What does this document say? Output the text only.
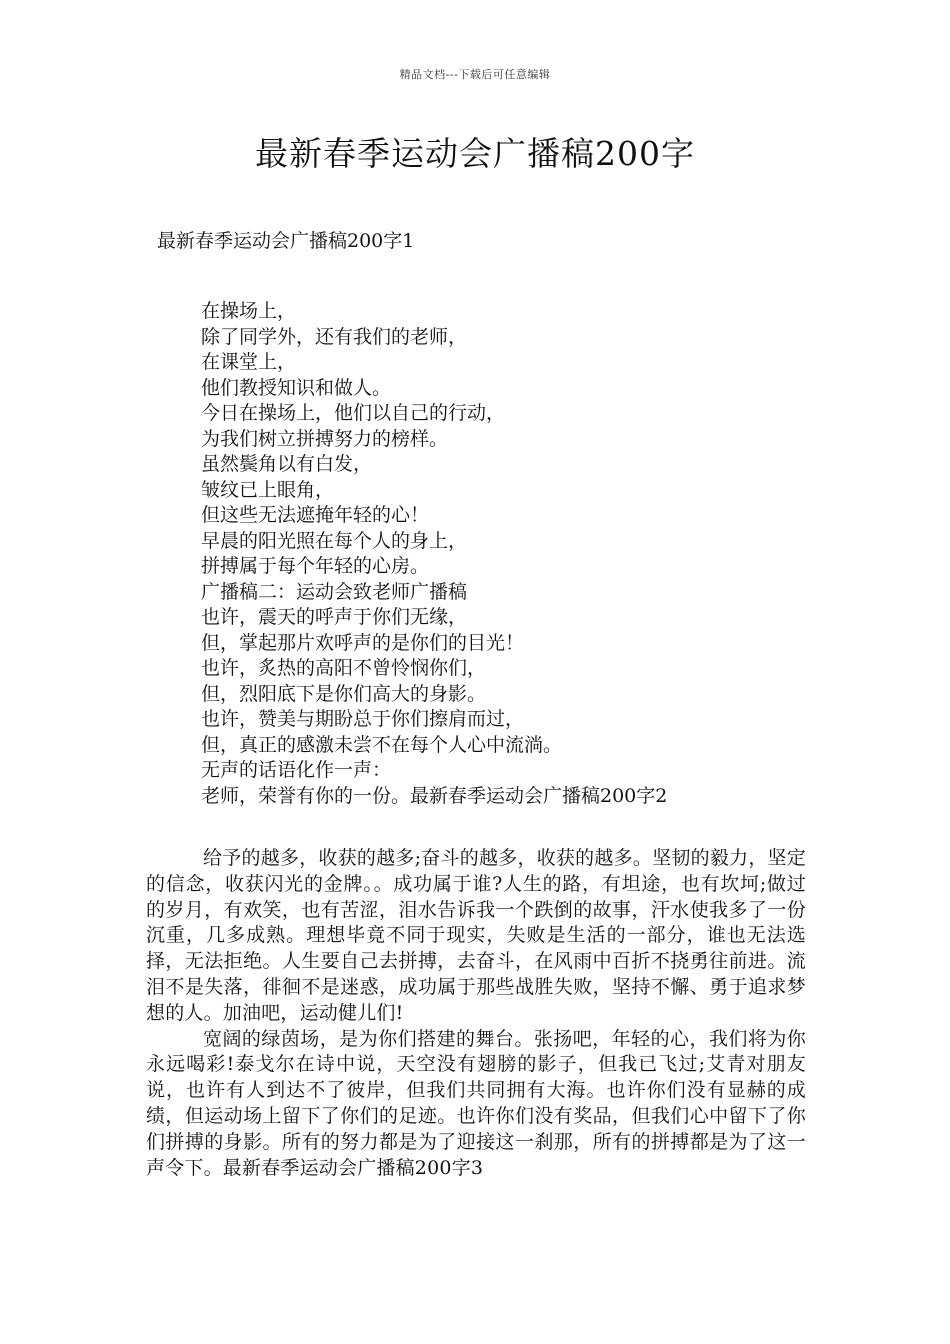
精品文档---下载后可任意编辑
最新春季运动会广播稿200字
最新春季运动会广播稿200字1
在操场上，
除了同学外，还有我们的老师，
在课堂上，
他们教授知识和做人。
今日在操场上，他们以自己的行动，
为我们树立拼搏努力的榜样。
虽然鬓角以有白发，
皱纹已上眼角，
但这些无法遮掩年轻的心！
早晨的阳光照在每个人的身上，
拼搏属于每个年轻的心房。
广播稿二：运动会致老师广播稿
也许，震天的呼声于你们无缘，
但，掌起那片欢呼声的是你们的目光！
也许，炙热的高阳不曾怜悯你们，
但，烈阳底下是你们高大的身影。
也许，赞美与期盼总于你们擦肩而过，
但，真正的感激未尝不在每个人心中流淌。
无声的话语化作一声：
老师，荣誉有你的一份。最新春季运动会广播稿200字2

给予的越多，收获的越多;奋斗的越多，收获的越多。坚韧的毅力，坚定的信念，收获闪光的金牌。。成功属于谁?人生的路，有坦途，也有坎坷;做过的岁月，有欢笑，也有苦涩，泪水告诉我一个跌倒的故事，汗水使我多了一份沉重，几多成熟。理想毕竟不同于现实，失败是生活的一部分，谁也无法选择，无法拒绝。人生要自己去拼搏，去奋斗，在风雨中百折不挠勇往前进。流泪不是失落，徘徊不是迷惑，成功属于那些战胜失败，坚持不懈、勇于追求梦想的人。加油吧，运动健儿们!

宽阔的绿茵场，是为你们搭建的舞台。张扬吧，年轻的心，我们将为你永远喝彩!泰戈尔在诗中说，天空没有翅膀的影子，但我已飞过;艾青对朋友说，也许有人到达不了彼岸，但我们共同拥有大海。也许你们没有显赫的成绩，但运动场上留下了你们的足迹。也许你们没有奖品，但我们心中留下了你们拼搏的身影。所有的努力都是为了迎接这一刹那，所有的拼搏都是为了这一声令下。最新春季运动会广播稿200字3
